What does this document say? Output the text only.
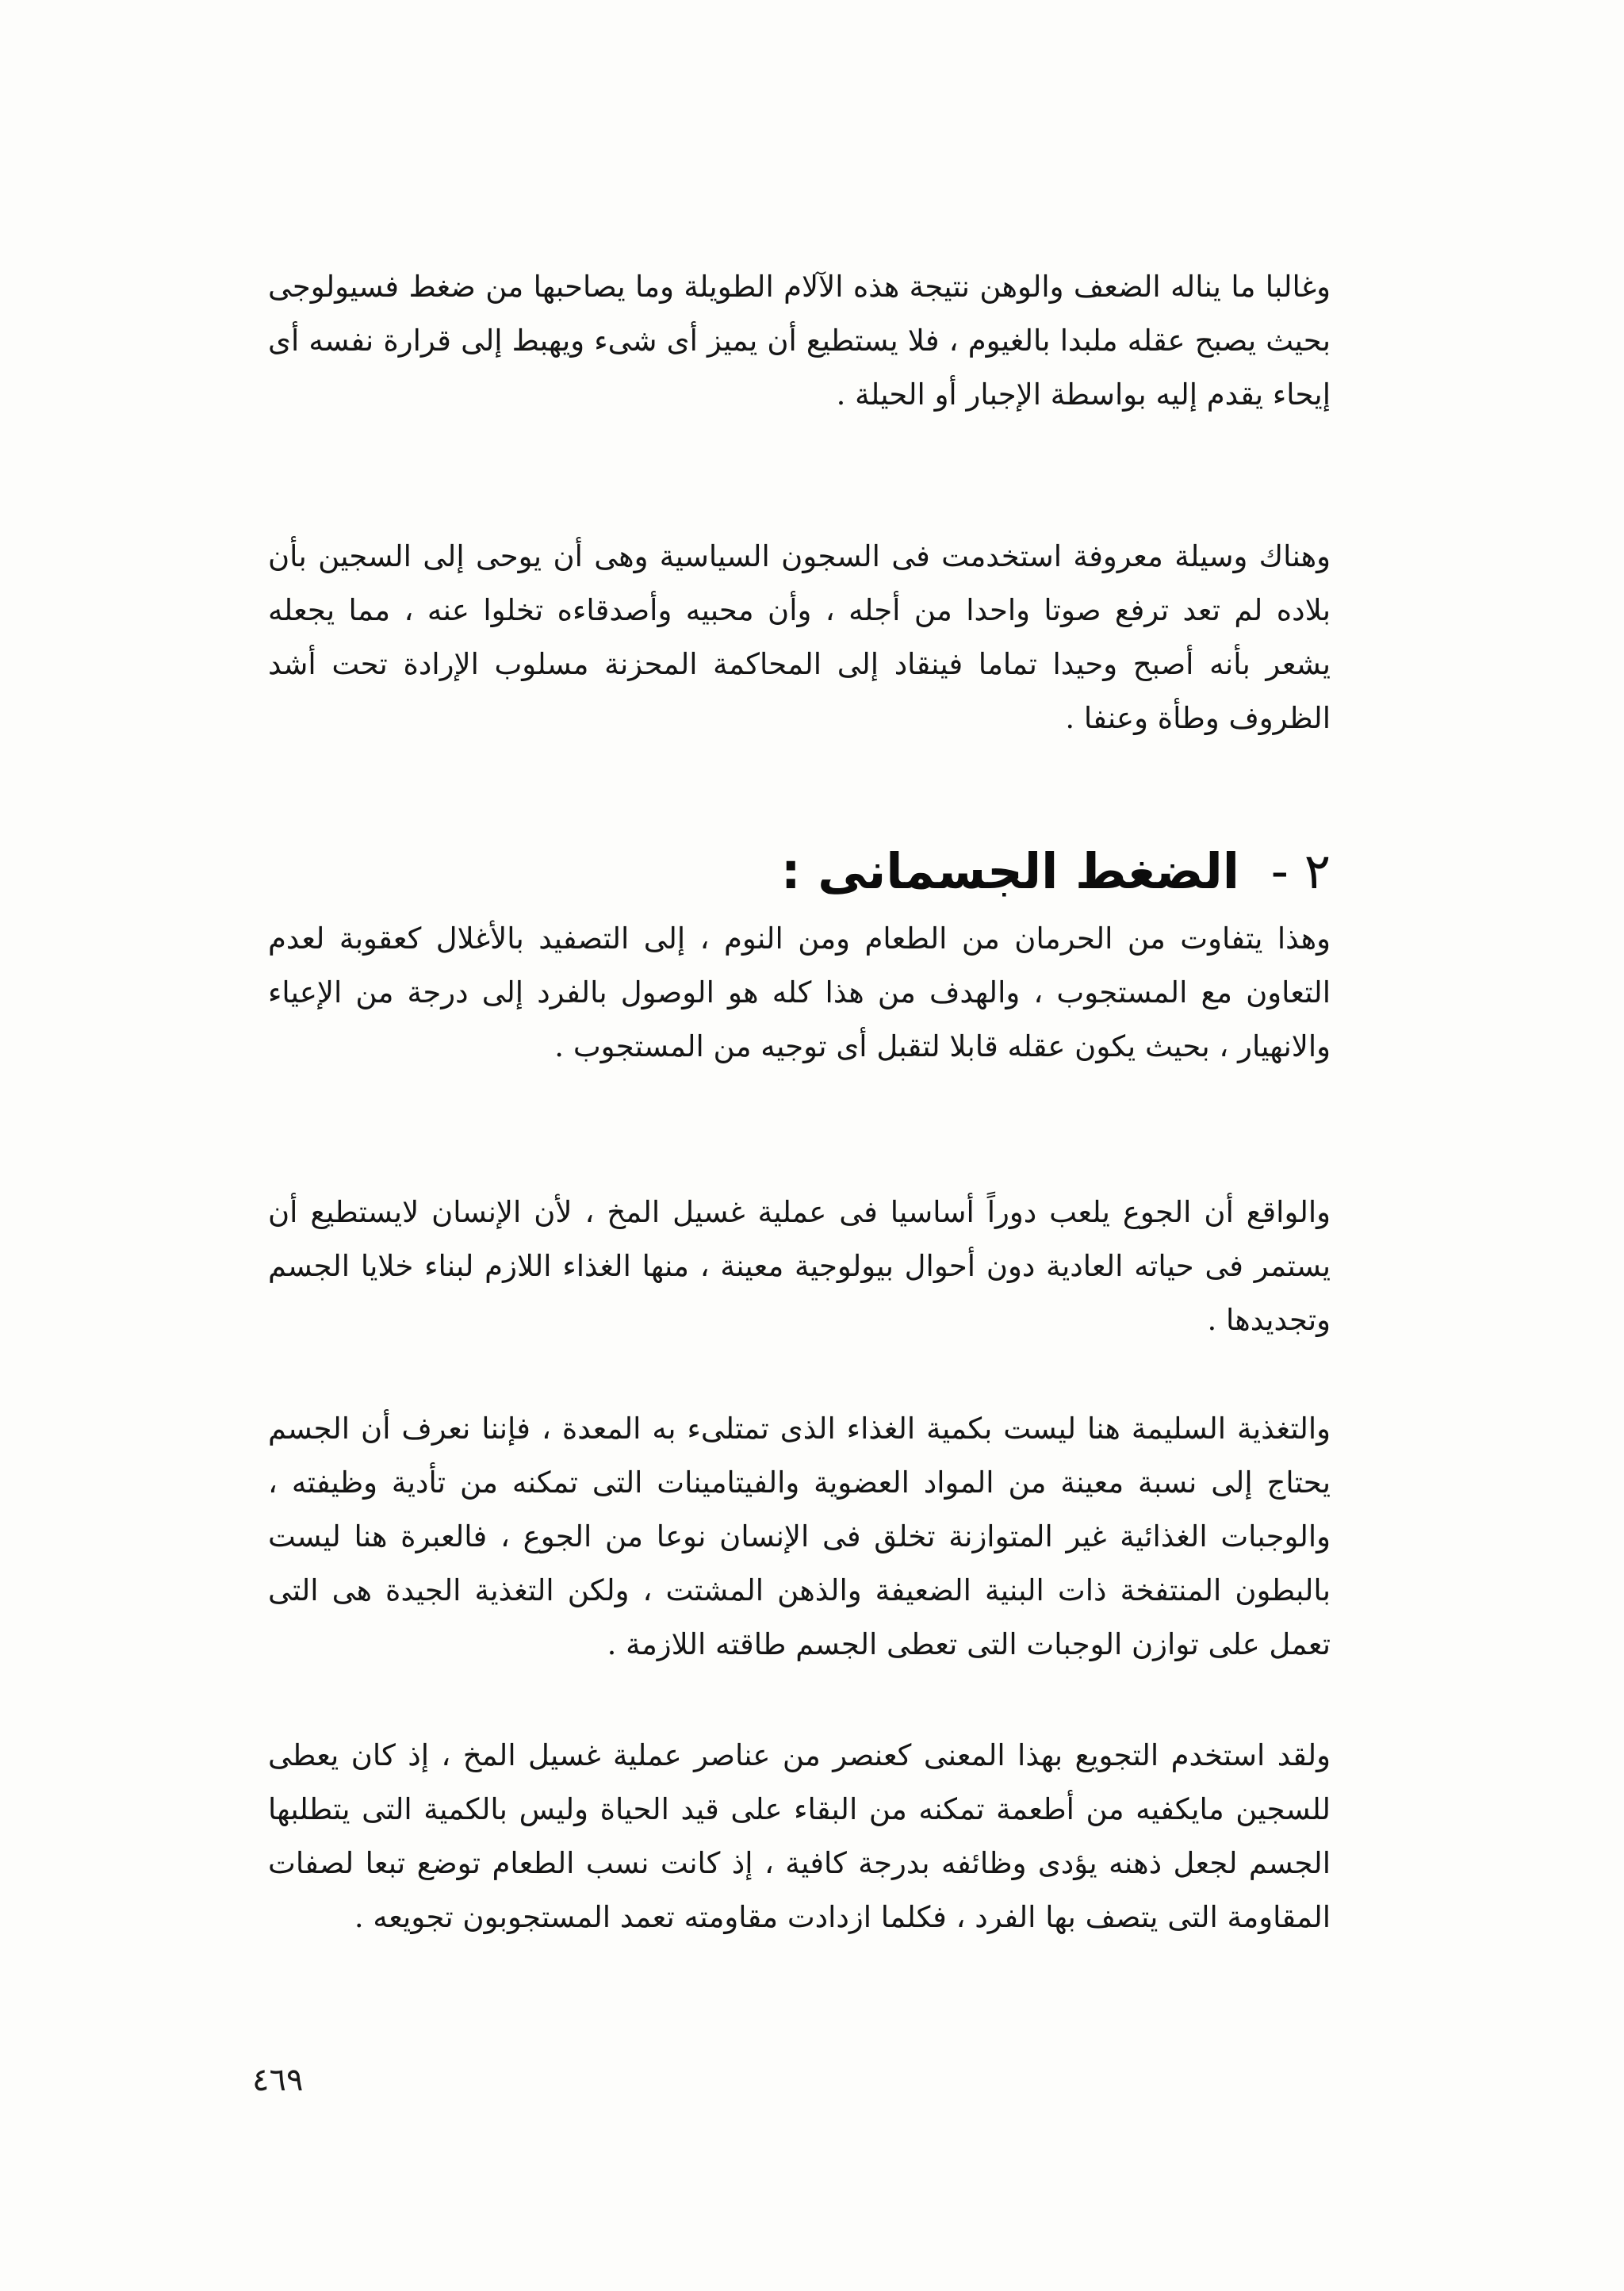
وغالبا ما يناله الضعف والوهن نتيجة هذه الآلام الطويلة وما يصاحبها من ضغط فسيولوجى بحيث يصبح عقله ملبدا بالغيوم ، فلا يستطيع أن يميز أى شىء ويهبط إلى قرارة نفسه أى إيحاء يقدم إليه بواسطة الإجبار أو الحيلة .

وهناك وسيلة معروفة استخدمت فى السجون السياسية وهى أن يوحى إلى السجين بأن بلاده لم تعد ترفع صوتا واحدا من أجله ، وأن محبيه وأصدقاءه تخلوا عنه ، مما يجعله يشعر بأنه أصبح وحيدا تماما فينقاد إلى المحاكمة المحزنة مسلوب الإرادة تحت أشد الظروف وطأة وعنفا .

٢ - الضغط الجسمانى :

وهذا يتفاوت من الحرمان من الطعام ومن النوم ، إلى التصفيد بالأغلال كعقوبة لعدم التعاون مع المستجوب ، والهدف من هذا كله هو الوصول بالفرد إلى درجة من الإعياء والانهيار ، بحيث يكون عقله قابلا لتقبل أى توجيه من المستجوب .

والواقع أن الجوع يلعب دوراً أساسيا فى عملية غسيل المخ ، لأن الإنسان لايستطيع أن يستمر فى حياته العادية دون أحوال بيولوجية معينة ، منها الغذاء اللازم لبناء خلايا الجسم وتجديدها .

والتغذية السليمة هنا ليست بكمية الغذاء الذى تمتلىء به المعدة ، فإننا نعرف أن الجسم يحتاج إلى نسبة معينة من المواد العضوية والفيتامينات التى تمكنه من تأدية وظيفته ، والوجبات الغذائية غير المتوازنة تخلق فى الإنسان نوعا من الجوع ، فالعبرة هنا ليست بالبطون المنتفخة ذات البنية الضعيفة والذهن المشتت ، ولكن التغذية الجيدة هى التى تعمل على توازن الوجبات التى تعطى الجسم طاقته اللازمة .

ولقد استخدم التجويع بهذا المعنى كعنصر من عناصر عملية غسيل المخ ، إذ كان يعطى للسجين مايكفيه من أطعمة تمكنه من البقاء على قيد الحياة وليس بالكمية التى يتطلبها الجسم لجعل ذهنه يؤدى وظائفه بدرجة كافية ، إذ كانت نسب الطعام توضع تبعا لصفات المقاومة التى يتصف بها الفرد ، فكلما ازدادت مقاومته تعمد المستجوبون تجويعه .

٤٦٩
